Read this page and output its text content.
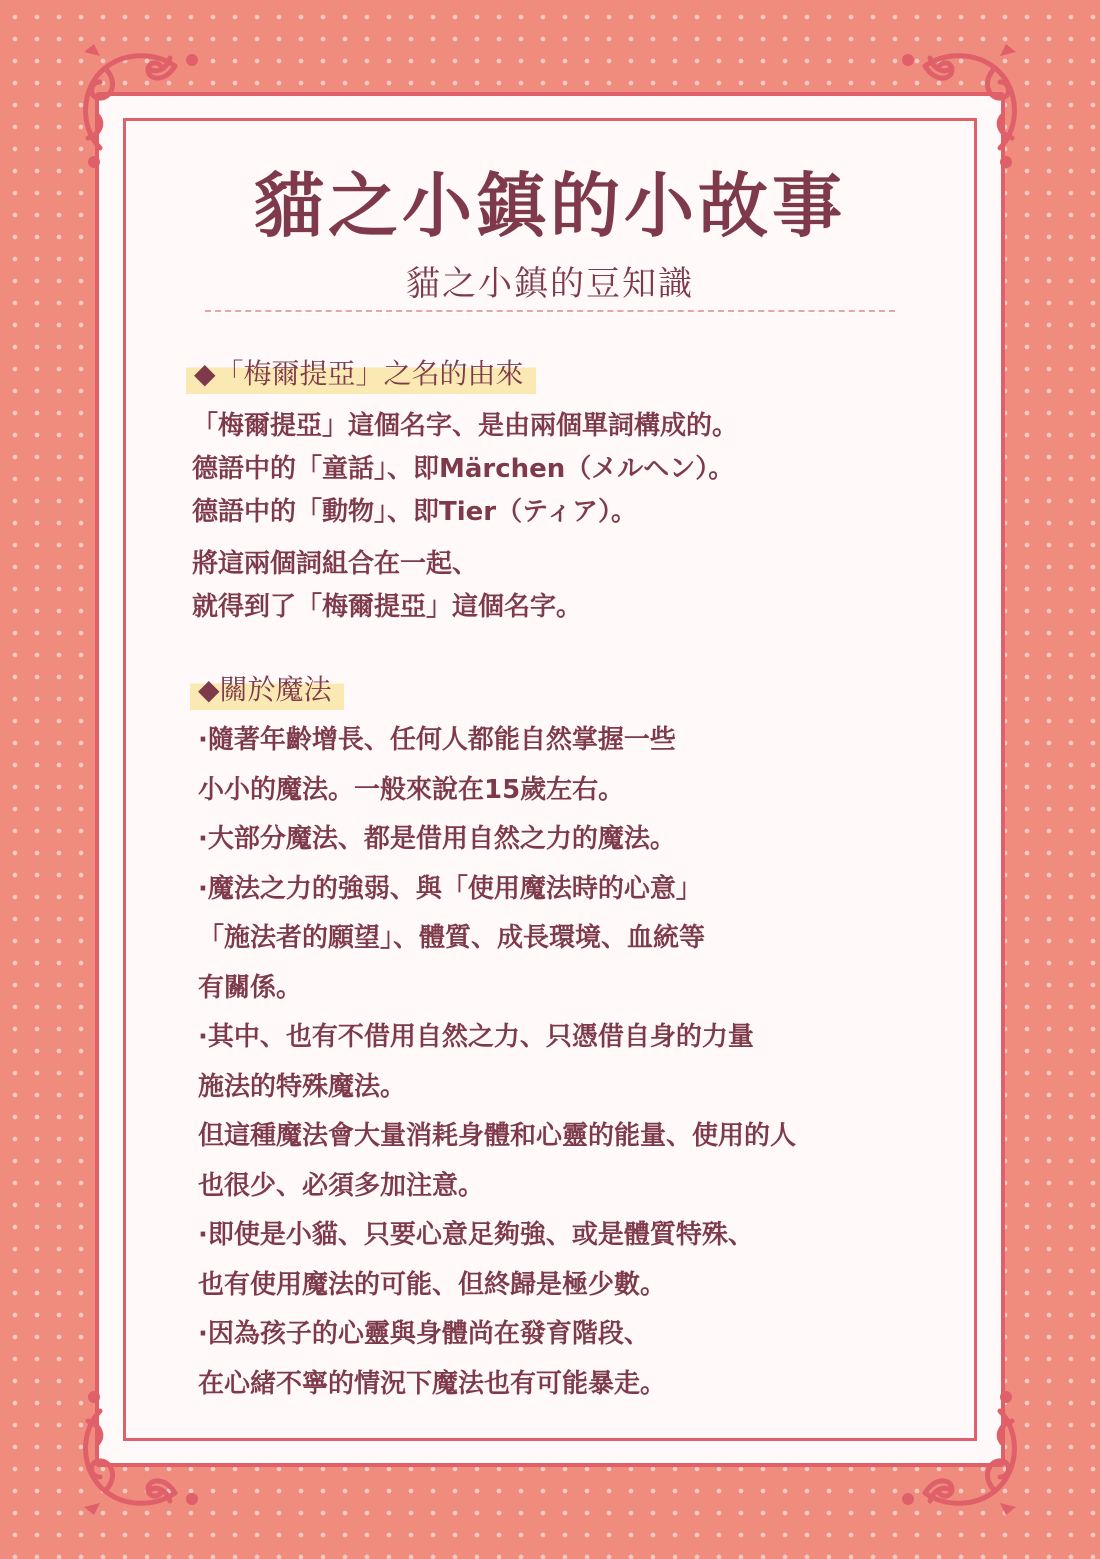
貓之小鎮的小故事
貓之小鎮的豆知識
◆「梅爾提亞」之名的由來
「梅爾提亞」這個名字、是由兩個單詞構成的。
德語中的「童話」、即Märchen（メルヘン）。
德語中的「動物」、即Tier（ティア）。
將這兩個詞組合在一起、
就得到了「梅爾提亞」這個名字。
◆關於魔法
·隨著年齡增長、任何人都能自然掌握一些
小小的魔法。一般來說在15歲左右。
·大部分魔法、都是借用自然之力的魔法。
·魔法之力的強弱、與「使用魔法時的心意」
「施法者的願望」、體質、成長環境、血統等
有關係。
·其中、也有不借用自然之力、只憑借自身的力量
施法的特殊魔法。
但這種魔法會大量消耗身體和心靈的能量、使用的人
也很少、必須多加注意。
·即使是小貓、只要心意足夠強、或是體質特殊、
也有使用魔法的可能、但終歸是極少數。
·因為孩子的心靈與身體尚在發育階段、
在心緒不寧的情況下魔法也有可能暴走。
